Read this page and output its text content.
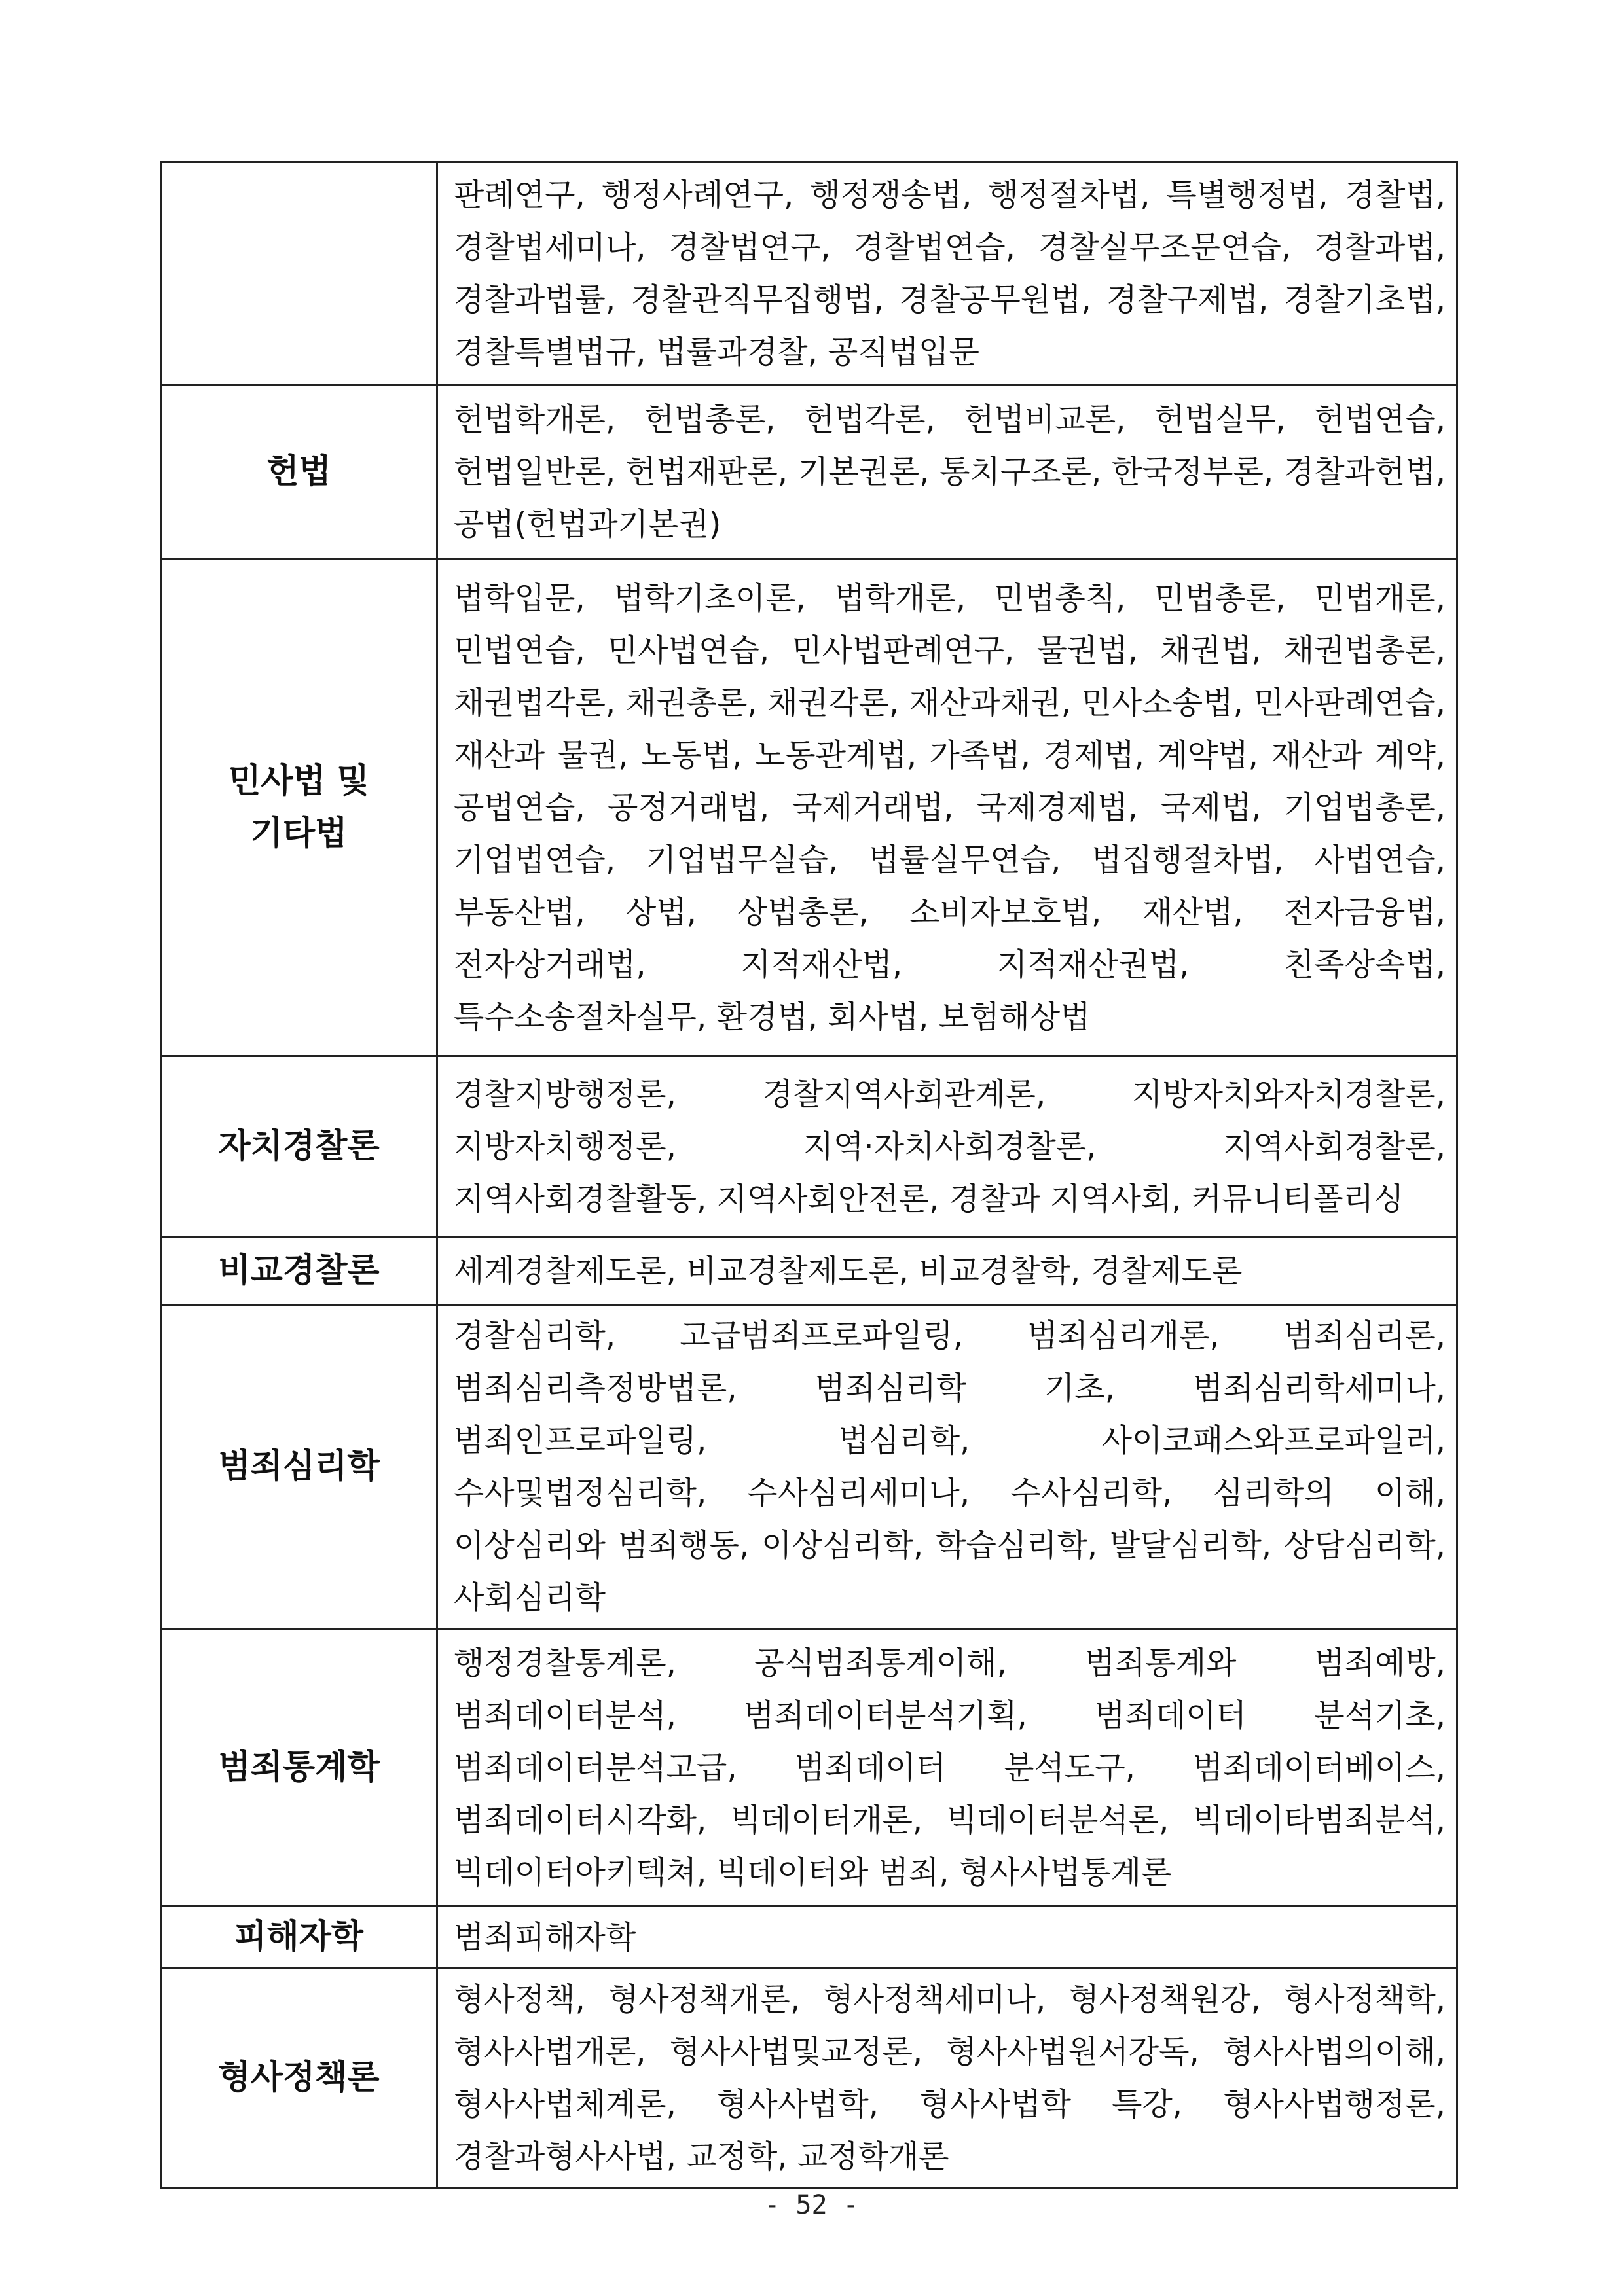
	판례연구, 행정사례연구, 행정쟁송법, 행정절차법, 특별행정법, 경찰법, 경찰법세미나, 경찰법연구, 경찰법연습, 경찰실무조문연습, 경찰과법, 경찰과법률, 경찰관직무집행법, 경찰공무원법, 경찰구제법, 경찰기초법, 경찰특별법규, 법률과경찰, 공직법입문
헌법	헌법학개론, 헌법총론, 헌법각론, 헌법비교론, 헌법실무, 헌법연습, 헌법일반론, 헌법재판론, 기본권론, 통치구조론, 한국정부론, 경찰과헌법, 공법(헌법과기본권)
민사법 및 기타법	법학입문, 법학기초이론, 법학개론, 민법총칙, 민법총론, 민법개론, 민법연습, 민사법연습, 민사법판례연구, 물권법, 채권법, 채권법총론, 채권법각론, 채권총론, 채권각론, 재산과채권, 민사소송법, 민사판례연습, 재산과 물권, 노동법, 노동관계법, 가족법, 경제법, 계약법, 재산과 계약, 공법연습, 공정거래법, 국제거래법, 국제경제법, 국제법, 기업법총론, 기업법연습, 기업법무실습, 법률실무연습, 법집행절차법, 사법연습, 부동산법, 상법, 상법총론, 소비자보호법, 재산법, 전자금융법, 전자상거래법, 지적재산법, 지적재산권법, 친족상속법, 특수소송절차실무, 환경법, 회사법, 보험해상법
자치경찰론	경찰지방행정론, 경찰지역사회관계론, 지방자치와자치경찰론, 지방자치행정론, 지역·자치사회경찰론, 지역사회경찰론, 지역사회경찰활동, 지역사회안전론, 경찰과 지역사회, 커뮤니티폴리싱
비교경찰론	세계경찰제도론, 비교경찰제도론, 비교경찰학, 경찰제도론
범죄심리학	경찰심리학, 고급범죄프로파일링, 범죄심리개론, 범죄심리론, 범죄심리측정방법론, 범죄심리학 기초, 범죄심리학세미나, 범죄인프로파일링, 법심리학, 사이코패스와프로파일러, 수사및법정심리학, 수사심리세미나, 수사심리학, 심리학의 이해, 이상심리와 범죄행동, 이상심리학, 학습심리학, 발달심리학, 상담심리학, 사회심리학
범죄통계학	행정경찰통계론, 공식범죄통계이해, 범죄통계와 범죄예방, 범죄데이터분석, 범죄데이터분석기획, 범죄데이터 분석기초, 범죄데이터분석고급, 범죄데이터 분석도구, 범죄데이터베이스, 범죄데이터시각화, 빅데이터개론, 빅데이터분석론, 빅데이타범죄분석, 빅데이터아키텍쳐, 빅데이터와 범죄, 형사사법통계론
피해자학	범죄피해자학
형사정책론	형사정책, 형사정책개론, 형사정책세미나, 형사정책원강, 형사정책학, 형사사법개론, 형사사법및교정론, 형사사법원서강독, 형사사법의이해, 형사사법체계론, 형사사법학, 형사사법학 특강, 형사사법행정론, 경찰과형사사법, 교정학, 교정학개론
- 52 -
